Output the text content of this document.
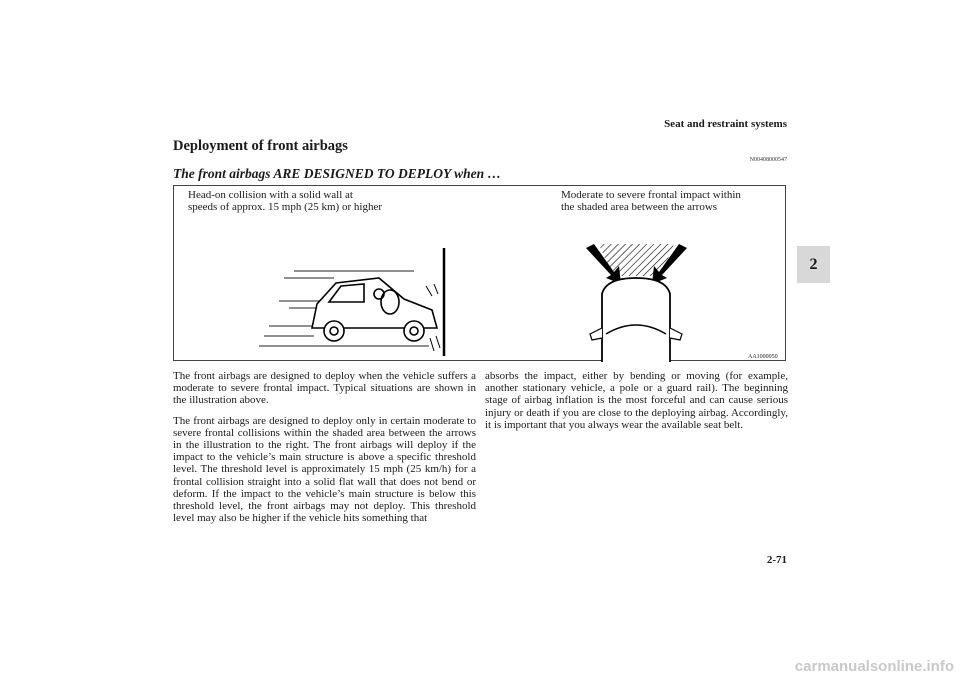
Seat and restraint systems
Deployment of front airbags
N00408000547
The front airbags ARE DESIGNED TO DEPLOY when …
2
Head-on collision with a solid wall at
speeds of approx. 15 mph (25 km) or higher
Moderate to severe frontal impact within
the shaded area between the arrows
AA1000050

The front airbags are designed to deploy when the vehicle suffers a moderate to severe frontal impact. Typical situations are shown in the illustration above.

The front airbags are designed to deploy only in certain moderate to severe frontal collisions within the shaded area between the arrows in the illustration to the right. The front airbags will deploy if the impact to the vehicle’s main structure is above a specific threshold level. The threshold level is approximately 15 mph (25 km/h) for a frontal collision straight into a solid flat wall that does not bend or deform. If the impact to the vehicle’s main structure is below this threshold level, the front airbags may not deploy. This threshold level may also be higher if the vehicle hits something that

absorbs the impact, either by bending or moving (for example, another stationary vehicle, a pole or a guard rail). The beginning stage of airbag inflation is the most forceful and can cause serious injury or death if you are close to the deploying airbag. Accordingly, it is important that you always wear the available seat belt.

2-71
carmanualsonline.info
